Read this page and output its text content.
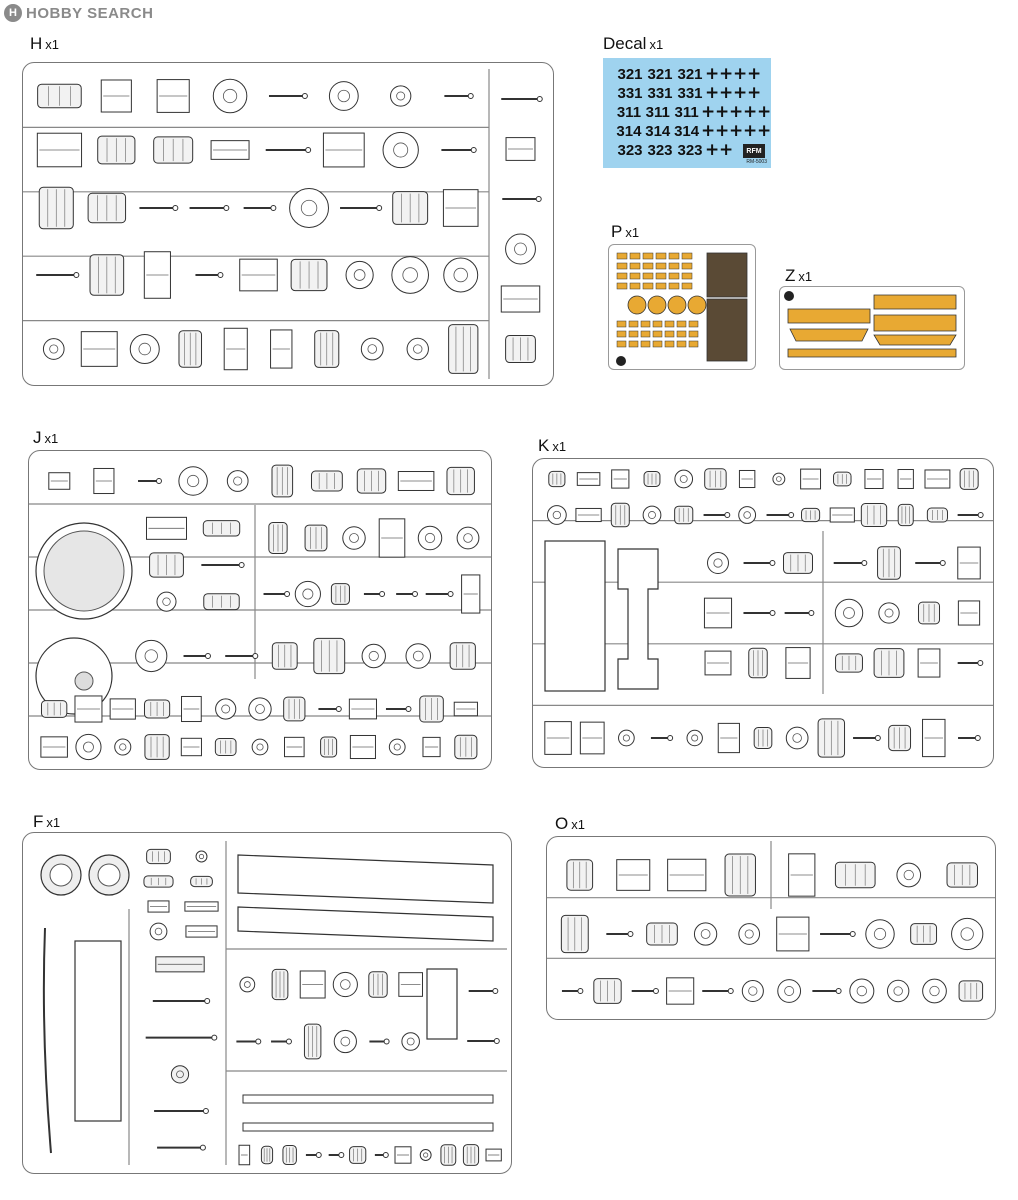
H HOBBY SEARCH
H x1	Decal x1
321 321 321 + + + +
331 331 331 + + + +
311 311 311 + + + + +
314 314 314 + + + + +
323 323 323 + +	RFM
RM-5003
P x1
Z x1
J x1	K x1
F x1	O x1
